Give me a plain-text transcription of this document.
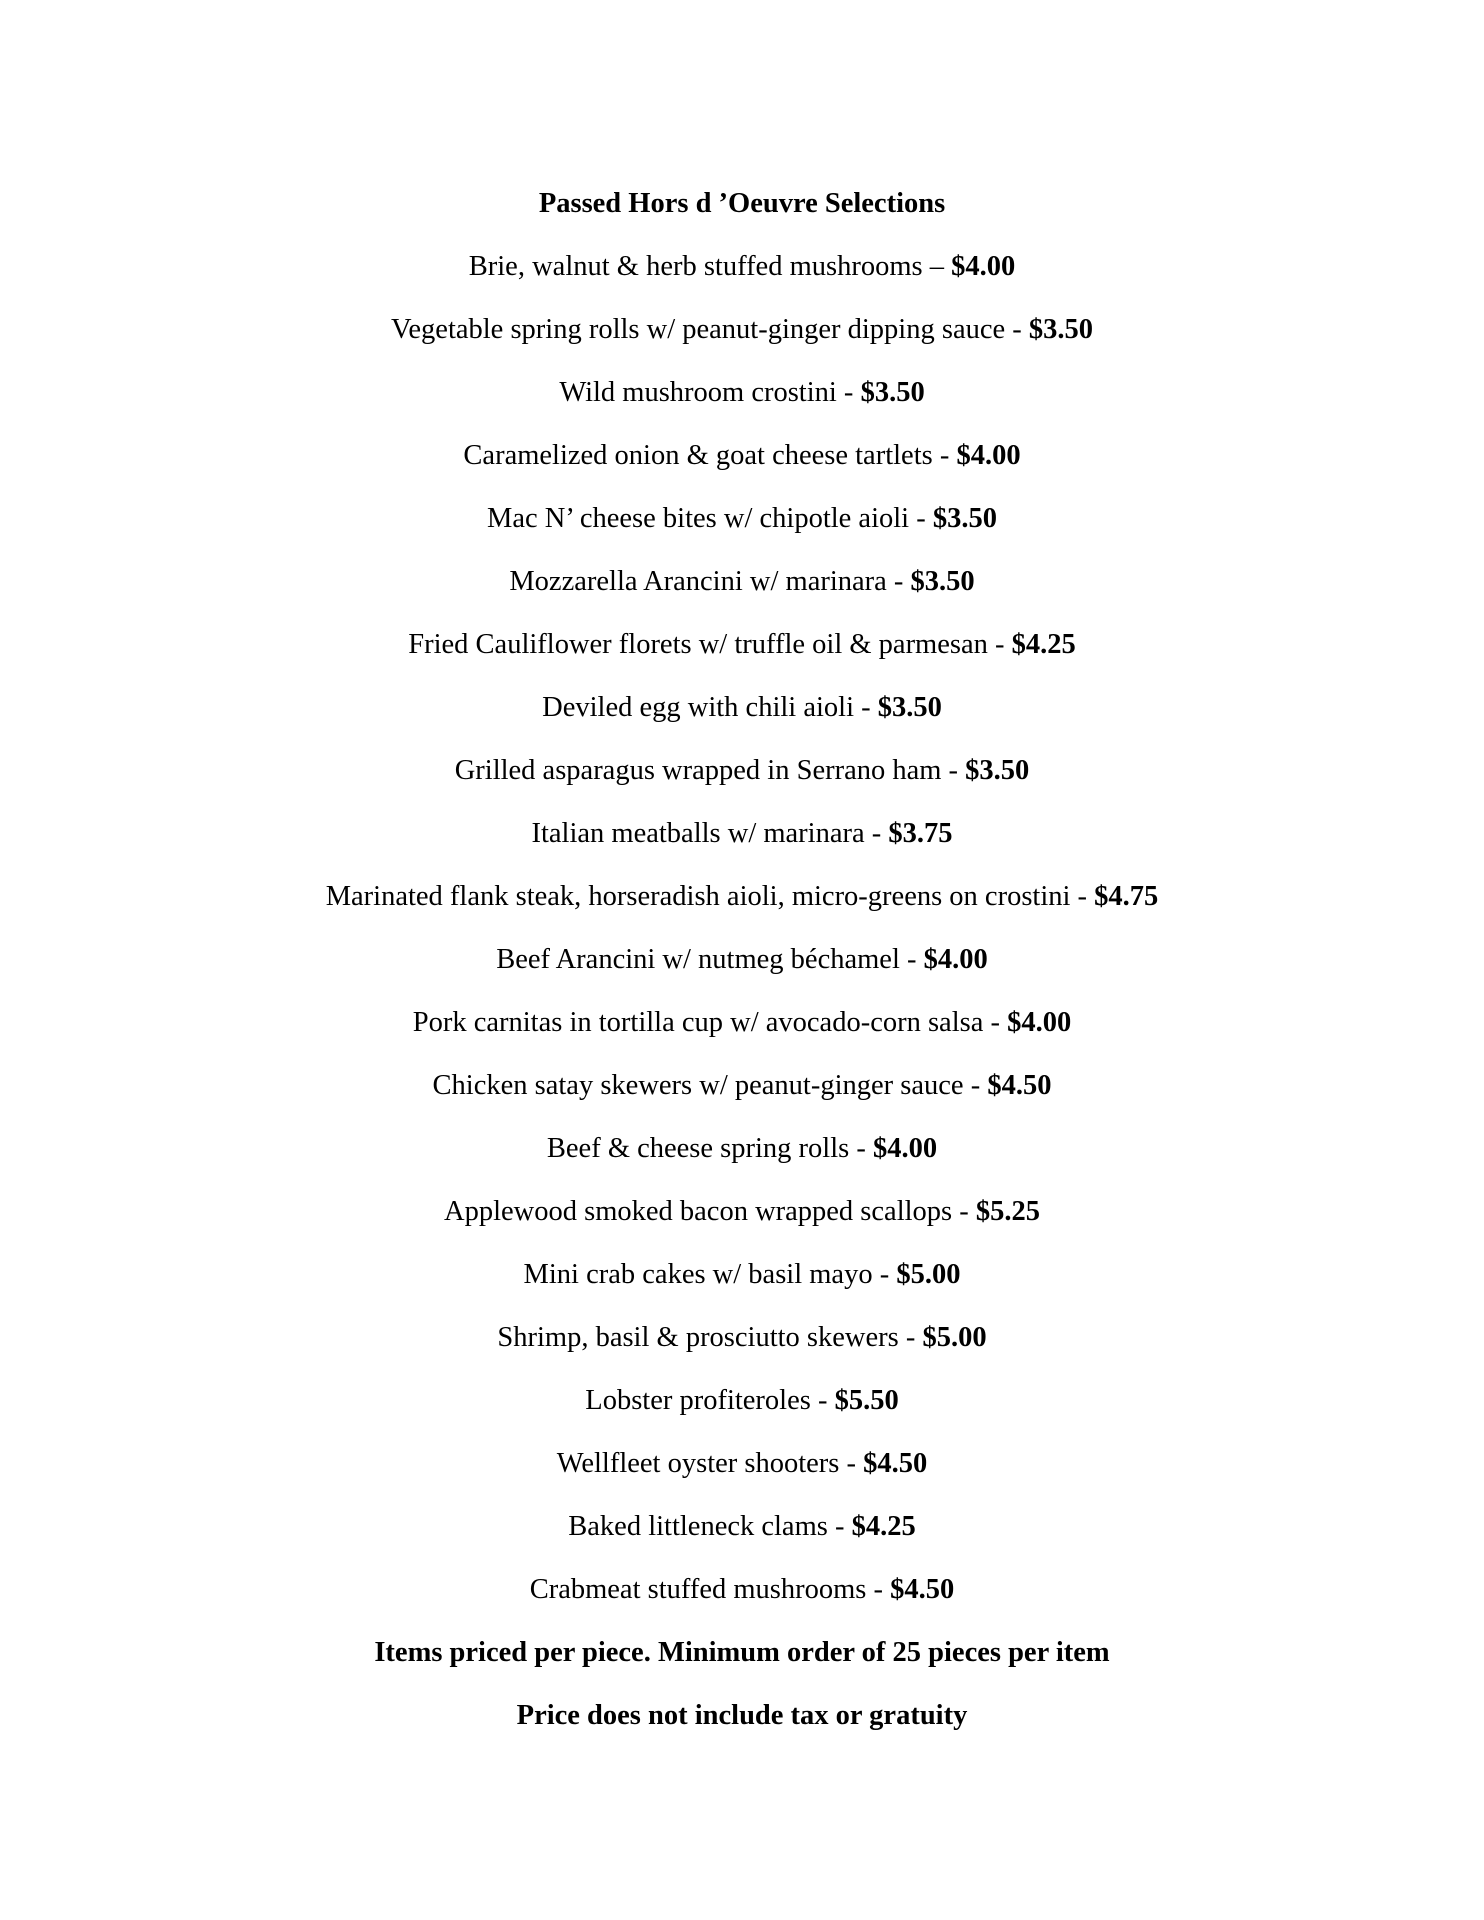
Passed Hors d ’Oeuvre Selections
Brie, walnut & herb stuffed mushrooms – $4.00
Vegetable spring rolls w/ peanut-ginger dipping sauce - $3.50
Wild mushroom crostini - $3.50
Caramelized onion & goat cheese tartlets - $4.00
Mac N’ cheese bites w/ chipotle aioli - $3.50
Mozzarella Arancini w/ marinara - $3.50
Fried Cauliflower florets w/ truffle oil & parmesan - $4.25
Deviled egg with chili aioli - $3.50
Grilled asparagus wrapped in Serrano ham - $3.50
Italian meatballs w/ marinara - $3.75
Marinated flank steak, horseradish aioli, micro-greens on crostini - $4.75
Beef Arancini w/ nutmeg béchamel - $4.00
Pork carnitas in tortilla cup w/ avocado-corn salsa - $4.00
Chicken satay skewers w/ peanut-ginger sauce - $4.50
Beef & cheese spring rolls - $4.00
Applewood smoked bacon wrapped scallops - $5.25
Mini crab cakes w/ basil mayo - $5.00
Shrimp, basil & prosciutto skewers - $5.00
Lobster profiteroles - $5.50
Wellfleet oyster shooters - $4.50
Baked littleneck clams - $4.25
Crabmeat stuffed mushrooms - $4.50
Items priced per piece. Minimum order of 25 pieces per item
Price does not include tax or gratuity
